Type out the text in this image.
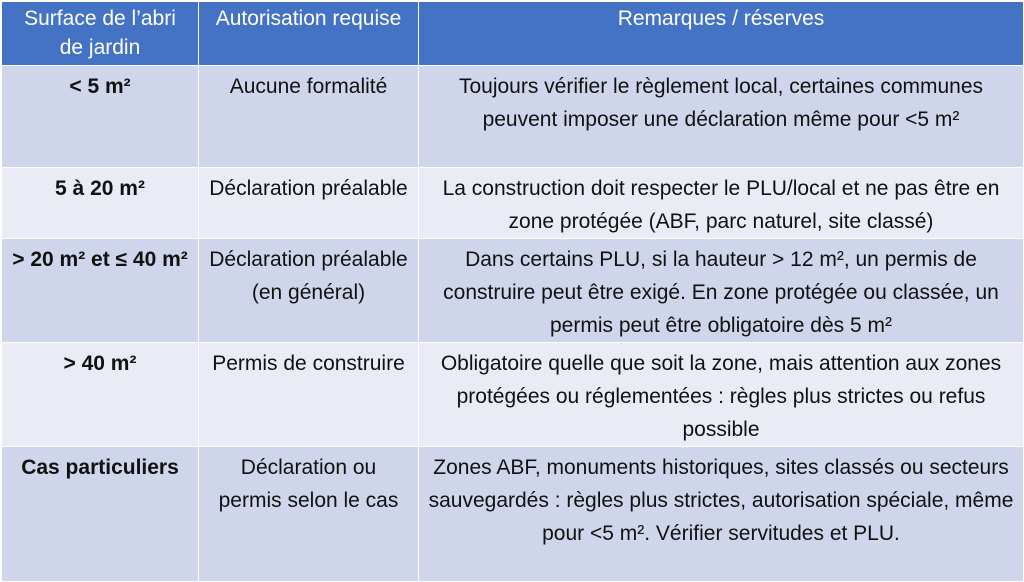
Surface de l’abri de jardin	Autorisation requise	Remarques / réserves
< 5 m²	Aucune formalité	Toujours vérifier le règlement local, certaines communes peuvent imposer une déclaration même pour <5 m²
5 à 20 m²	Déclaration préalable	La construction doit respecter le PLU/local et ne pas être en zone protégée (ABF, parc naturel, site classé)
> 20 m² et ≤ 40 m²	Déclaration préalable (en général)	Dans certains PLU, si la hauteur > 12 m², un permis de construire peut être exigé. En zone protégée ou classée, un permis peut être obligatoire dès 5 m²
> 40 m²	Permis de construire	Obligatoire quelle que soit la zone, mais attention aux zones protégées ou réglementées : règles plus strictes ou refus possible
Cas particuliers	Déclaration ou permis selon le cas	Zones ABF, monuments historiques, sites classés ou secteurs sauvegardés : règles plus strictes, autorisation spéciale, même pour <5 m². Vérifier servitudes et PLU.
